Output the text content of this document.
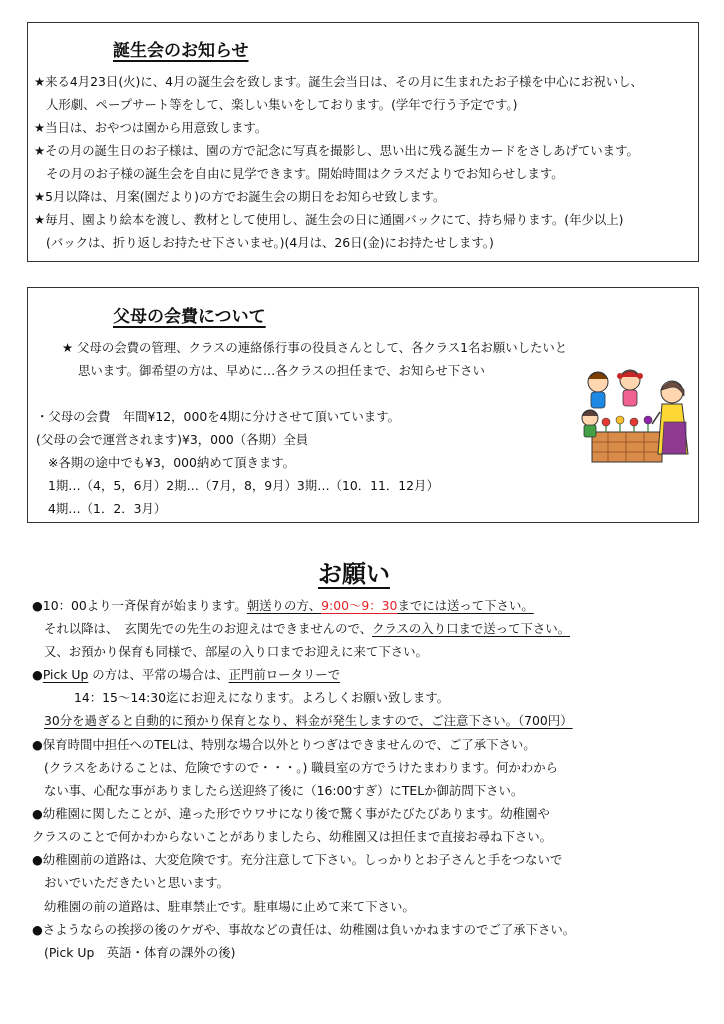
誕生会のお知らせ
★来る4月23日(火)に、4月の誕生会を致します。誕生会当日は、その月に生まれたお子様を中心にお祝いし、
人形劇、ペープサート等をして、楽しい集いをしております。(学年で行う予定です。)
★当日は、おやつは園から用意致します。
★その月の誕生日のお子様は、園の方で記念に写真を撮影し、思い出に残る誕生カードをさしあげています。
その月のお子様の誕生会を自由に見学できます。開始時間はクラスだよりでお知らせします。
★5月以降は、月案(園だより)の方でお誕生会の期日をお知らせ致します。
★毎月、園より絵本を渡し、教材として使用し、誕生会の日に通園バックにて、持ち帰ります。(年少以上)
(バックは、折り返しお持たせ下さいませ。)(4月は、26日(金)にお持たせします。)
父母の会費について
★ 父母の会費の管理、クラスの連絡係行事の役員さんとして、各クラス1名お願いしたいと
思います。御希望の方は、早めに…各クラスの担任まで、お知らせ下さい
・父母の会費　年間¥12，000を4期に分けさせて頂いています。
(父母の会で運営されます)¥3，000（各期）全員
※各期の途中でも¥3，000納めて頂きます。
1期…（4，5，6月）2期…（7月，8，9月）3期…（10．11．12月）
4期…（1．2．3月）
お願い
●10：00より一斉保育が始まります。朝送りの方、9:00〜9：30までには送って下さい。
それ以降は、　玄関先での先生のお迎えはできませんので、クラスの入り口まで送って下さい。
又、お預かり保育も同様で、部屋の入り口までお迎えに来て下さい。
●Pick Up の方は、平常の場合は、正門前ロータリーで
14：15〜14:30迄にお迎えになります。よろしくお願い致します。
30分を過ぎると自動的に預かり保育となり、料金が発生しますので、ご注意下さい。（700円）
●保育時間中担任へのTELは、特別な場合以外とりつぎはできませんので、ご了承下さい。
(クラスをあけることは、危険ですので・・・。) 職員室の方でうけたまわります。何かわから
ない事、心配な事がありましたら送迎終了後に（16:00すぎ）にTELか御訪問下さい。
●幼稚園に関したことが、違った形でウワサになり後で驚く事がたびたびあります。幼稚園や
クラスのことで何かわからないことがありましたら、幼稚園又は担任まで直接お尋ね下さい。
●幼稚園前の道路は、大変危険です。充分注意して下さい。しっかりとお子さんと手をつないで
おいでいただきたいと思います。
幼稚園の前の道路は、駐車禁止です。駐車場に止めて来て下さい。
●さようならの挨拶の後のケガや、事故などの責任は、幼稚園は負いかねますのでご了承下さい。
(Pick Up　英語・体育の課外の後)
